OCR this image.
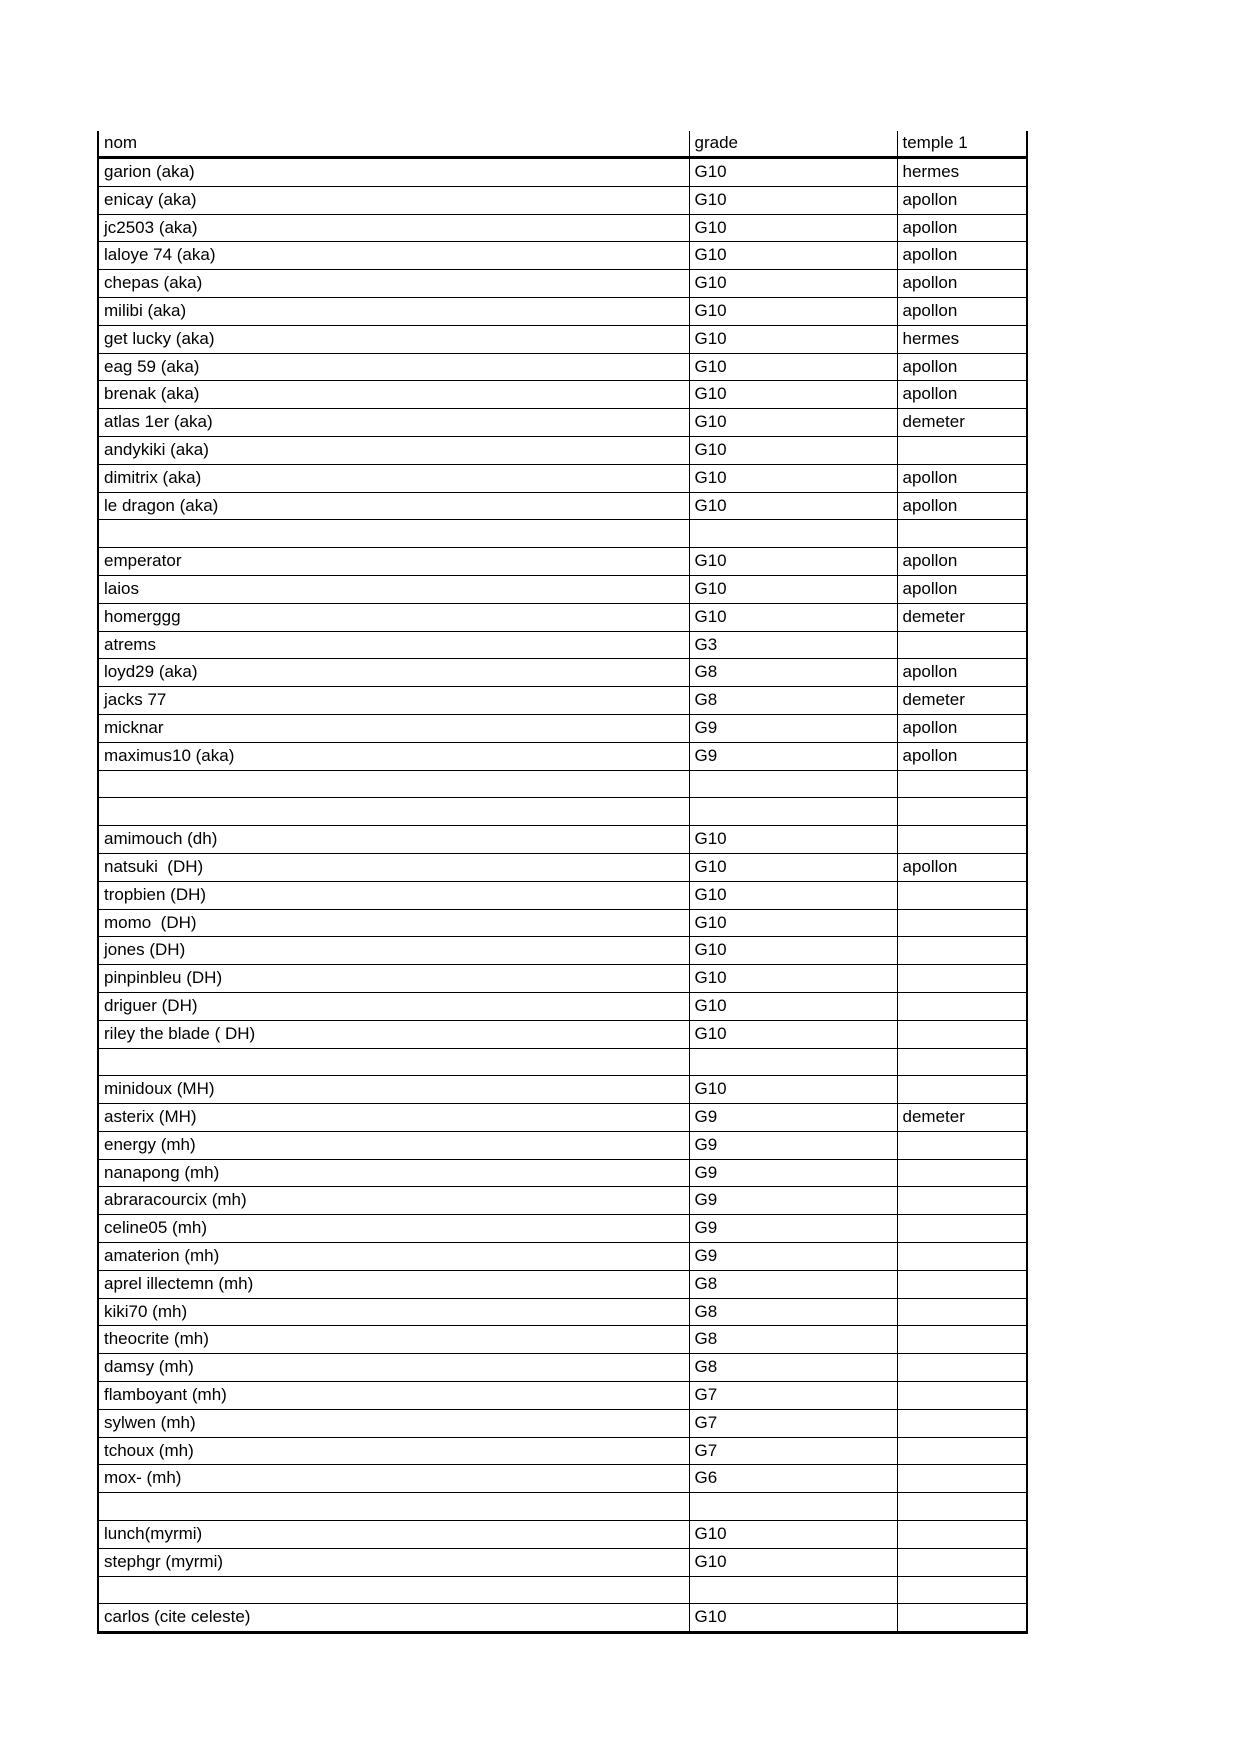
nom	grade	temple 1
garion (aka)	G10	hermes
enicay (aka)	G10	apollon
jc2503 (aka)	G10	apollon
laloye 74 (aka)	G10	apollon
chepas (aka)	G10	apollon
milibi (aka)	G10	apollon
get lucky (aka)	G10	hermes
eag 59 (aka)	G10	apollon
brenak (aka)	G10	apollon
atlas 1er (aka)	G10	demeter
andykiki (aka)	G10	
dimitrix (aka)	G10	apollon
le dragon (aka)	G10	apollon

emperator	G10	apollon
laios	G10	apollon
homerggg	G10	demeter
atrems	G3	
loyd29 (aka)	G8	apollon
jacks 77	G8	demeter
micknar	G9	apollon
maximus10 (aka)	G9	apollon

amimouch (dh)	G10	
natsuki  (DH)	G10	apollon
tropbien (DH)	G10	
momo  (DH)	G10	
jones (DH)	G10	
pinpinbleu (DH)	G10	
driguer (DH)	G10	
riley the blade ( DH)	G10	

minidoux (MH)	G10	
asterix (MH)	G9	demeter
energy (mh)	G9	
nanapong (mh)	G9	
abraracourcix (mh)	G9	
celine05 (mh)	G9	
amaterion (mh)	G9	
aprel illectemn (mh)	G8	
kiki70 (mh)	G8	
theocrite (mh)	G8	
damsy (mh)	G8	
flamboyant (mh)	G7	
sylwen (mh)	G7	
tchoux (mh)	G7	
mox- (mh)	G6	

lunch(myrmi)	G10	
stephgr (myrmi)	G10	

carlos (cite celeste)	G10	
